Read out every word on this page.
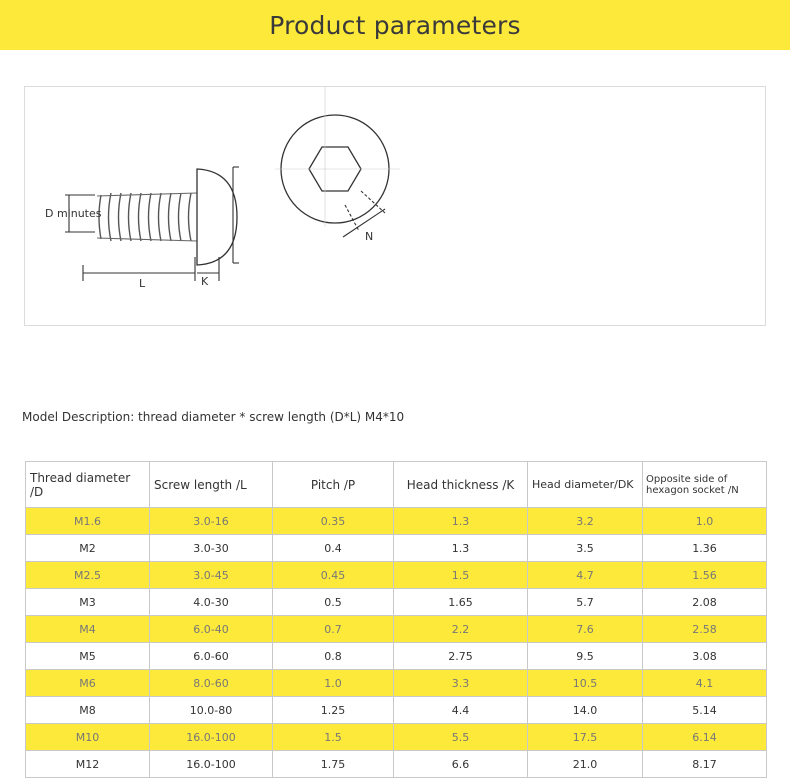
Product parameters
D minutes
L	K
N
Model Description: thread diameter * screw length (D*L) M4*10
Thread diameter /D	Screw length /L	Pitch /P	Head thickness /K	Head diameter/DK	Opposite side of hexagon socket /N
M1.6	3.0-16	0.35	1.3	3.2	1.0
M2	3.0-30	0.4	1.3	3.5	1.36
M2.5	3.0-45	0.45	1.5	4.7	1.56
M3	4.0-30	0.5	1.65	5.7	2.08
M4	6.0-40	0.7	2.2	7.6	2.58
M5	6.0-60	0.8	2.75	9.5	3.08
M6	8.0-60	1.0	3.3	10.5	4.1
M8	10.0-80	1.25	4.4	14.0	5.14
M10	16.0-100	1.5	5.5	17.5	6.14
M12	16.0-100	1.75	6.6	21.0	8.17
